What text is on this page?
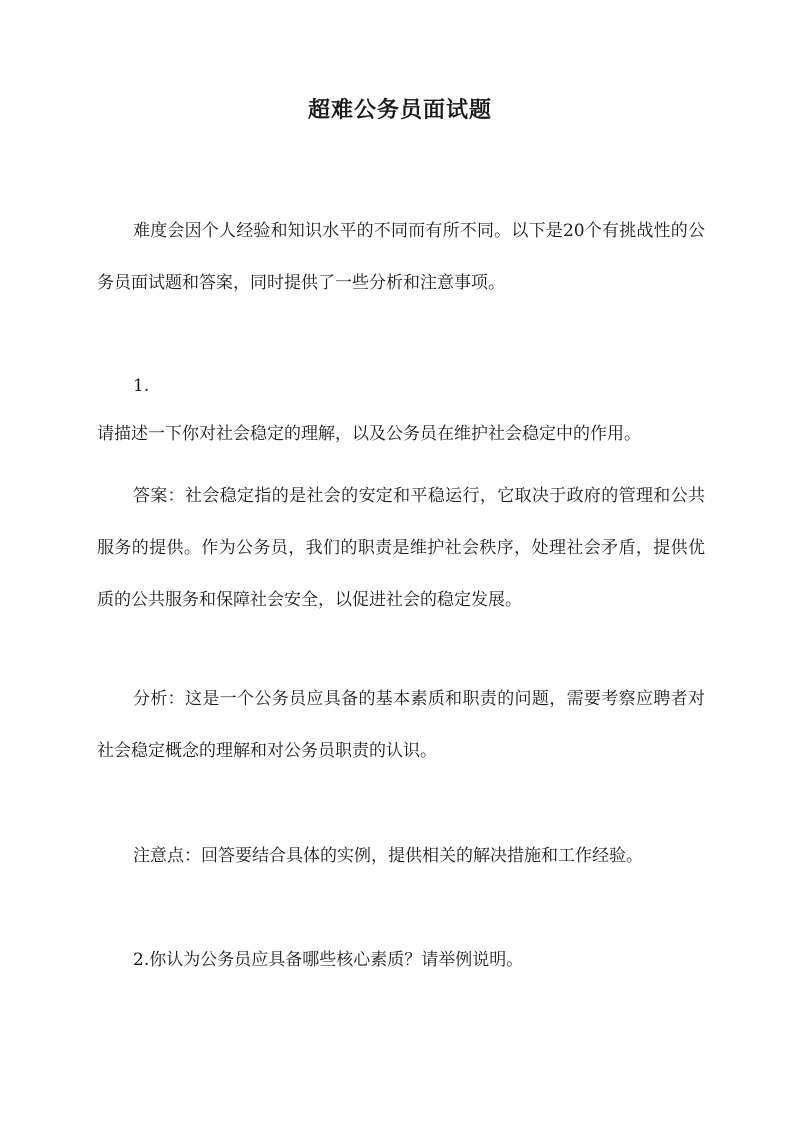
超难公务员面试题

难度会因个人经验和知识水平的不同而有所不同。以下是20个有挑战性的公务员面试题和答案，同时提供了一些分析和注意事项。

1.

请描述一下你对社会稳定的理解，以及公务员在维护社会稳定中的作用。

答案：社会稳定指的是社会的安定和平稳运行，它取决于政府的管理和公共服务的提供。作为公务员，我们的职责是维护社会秩序，处理社会矛盾，提供优质的公共服务和保障社会安全，以促进社会的稳定发展。

分析：这是一个公务员应具备的基本素质和职责的问题，需要考察应聘者对社会稳定概念的理解和对公务员职责的认识。

注意点：回答要结合具体的实例，提供相关的解决措施和工作经验。

2.你认为公务员应具备哪些核心素质？请举例说明。
